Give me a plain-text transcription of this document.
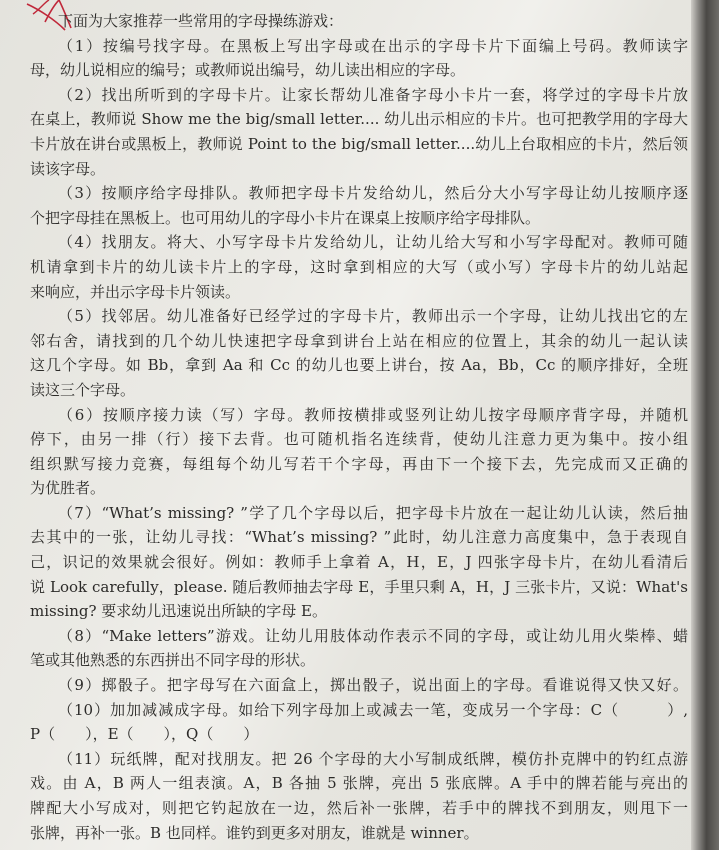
下面为大家推荐一些常用的字母操练游戏：
（1）按编号找字母。在黑板上写出字母或在出示的字母卡片下面编上号码。教师读字
母，幼儿说相应的编号；或教师说出编号，幼儿读出相应的字母。
（2）找出所听到的字母卡片。让家长帮幼儿准备字母小卡片一套，将学过的字母卡片放
在桌上，教师说 Show me the big/small letter.... 幼儿出示相应的卡片。也可把教学用的字母大
卡片放在讲台或黑板上，教师说 Point to the big/small letter....幼儿上台取相应的卡片，然后领
读该字母。
（3）按顺序给字母排队。教师把字母卡片发给幼儿，然后分大小写字母让幼儿按顺序逐
个把字母挂在黑板上。也可用幼儿的字母小卡片在课桌上按顺序给字母排队。
（4）找朋友。将大、小写字母卡片发给幼儿，让幼儿给大写和小写字母配对。教师可随
机请拿到卡片的幼儿读卡片上的字母，这时拿到相应的大写（或小写）字母卡片的幼儿站起
来响应，并出示字母卡片领读。
（5）找邻居。幼儿准备好已经学过的字母卡片，教师出示一个字母，让幼儿找出它的左
邻右舍，请找到的几个幼儿快速把字母拿到讲台上站在相应的位置上，其余的幼儿一起认读
这几个字母。如 Bb，拿到 Aa 和 Cc 的幼儿也要上讲台，按 Aa，Bb，Cc 的顺序排好，全班
读这三个字母。
（6）按顺序接力读（写）字母。教师按横排或竖列让幼儿按字母顺序背字母，并随机
停下，由另一排（行）接下去背。也可随机指名连续背，使幼儿注意力更为集中。按小组
组织默写接力竞赛，每组每个幼儿写若干个字母，再由下一个接下去，先完成而又正确的
为优胜者。
（7）“What’s missing? ”学了几个字母以后，把字母卡片放在一起让幼儿认读，然后抽
去其中的一张，让幼儿寻找：“What’s missing? ”此时，幼儿注意力高度集中，急于表现自
己，识记的效果就会很好。例如：教师手上拿着 A，H，E，J 四张字母卡片，在幼儿看清后
说 Look carefully，please. 随后教师抽去字母 E，手里只剩 A，H，J 三张卡片，又说：What's
missing? 要求幼儿迅速说出所缺的字母 E。
（8）“Make letters”游戏。让幼儿用肢体动作表示不同的字母，或让幼儿用火柴棒、蜡
笔或其他熟悉的东西拼出不同字母的形状。
（9）掷骰子。把字母写在六面盒上，掷出骰子，说出面上的字母。看谁说得又快又好。
（10）加加减减成字母。如给下列字母加上或减去一笔，变成另一个字母：C（　　　）,
P（　　），E（　　），Q（　　）
（11）玩纸牌，配对找朋友。把 26 个字母的大小写制成纸牌，模仿扑克牌中的钓红点游
戏。由 A，B 两人一组表演。A，B 各抽 5 张牌，亮出 5 张底牌。A 手中的牌若能与亮出的
牌配大小写成对，则把它钓起放在一边，然后补一张牌，若手中的牌找不到朋友，则甩下一
张牌，再补一张。B 也同样。谁钓到更多对朋友，谁就是 winner。
